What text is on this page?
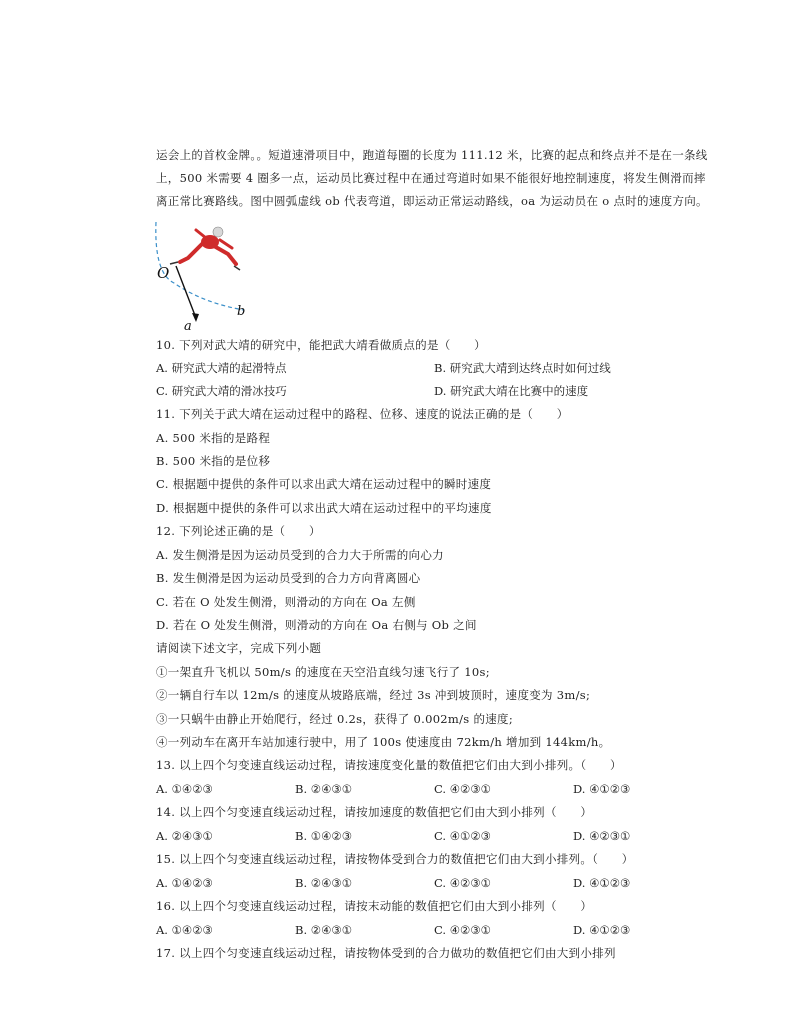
运会上的首枚金牌。。短道速滑项目中，跑道每圈的长度为 111.12 米，比赛的起点和终点并不是在一条线
上，500 米需要 4 圈多一点，运动员比赛过程中在通过弯道时如果不能很好地控制速度，将发生侧滑而摔
离正常比赛路线。图中圆弧虚线 ob 代表弯道，即运动正常运动路线，oa 为运动员在 o 点时的速度方向。
O
a
b
10. 下列对武大靖的研究中，能把武大靖看做质点的是（　　）
A. 研究武大靖的起滑特点	B. 研究武大靖到达终点时如何过线
C. 研究武大靖的滑冰技巧	D. 研究武大靖在比赛中的速度
11. 下列关于武大靖在运动过程中的路程、位移、速度的说法正确的是（　　）
A. 500 米指的是路程
B. 500 米指的是位移
C. 根据题中提供的条件可以求出武大靖在运动过程中的瞬时速度
D. 根据题中提供的条件可以求出武大靖在运动过程中的平均速度
12. 下列论述正确的是（　　）
A. 发生侧滑是因为运动员受到的合力大于所需的向心力
B. 发生侧滑是因为运动员受到的合力方向背离圆心
C. 若在 O 处发生侧滑，则滑动的方向在 Oa 左侧
D. 若在 O 处发生侧滑，则滑动的方向在 Oa 右侧与 Ob 之间
请阅读下述文字，完成下列小题
①一架直升飞机以 50m/s 的速度在天空沿直线匀速飞行了 10s;
②一辆自行车以 12m/s 的速度从坡路底端，经过 3s 冲到坡顶时，速度变为 3m/s;
③一只蜗牛由静止开始爬行，经过 0.2s，获得了 0.002m/s 的速度;
④一列动车在离开车站加速行驶中，用了 100s 使速度由 72km/h 增加到 144km/h。
13. 以上四个匀变速直线运动过程，请按速度变化量的数值把它们由大到小排列。（　　）
A. ①④②③	B. ②④③①	C. ④②③①	D. ④①②③
14. 以上四个匀变速直线运动过程，请按加速度的数值把它们由大到小排列（　　）
A. ②④③①	B. ①④②③	C. ④①②③	D. ④②③①
15. 以上四个匀变速直线运动过程，请按物体受到合力的数值把它们由大到小排列。（　　）
A. ①④②③	B. ②④③①	C. ④②③①	D. ④①②③
16. 以上四个匀变速直线运动过程，请按末动能的数值把它们由大到小排列（　　）
A. ①④②③	B. ②④③①	C. ④②③①	D. ④①②③
17. 以上四个匀变速直线运动过程，请按物体受到的合力做功的数值把它们由大到小排列
